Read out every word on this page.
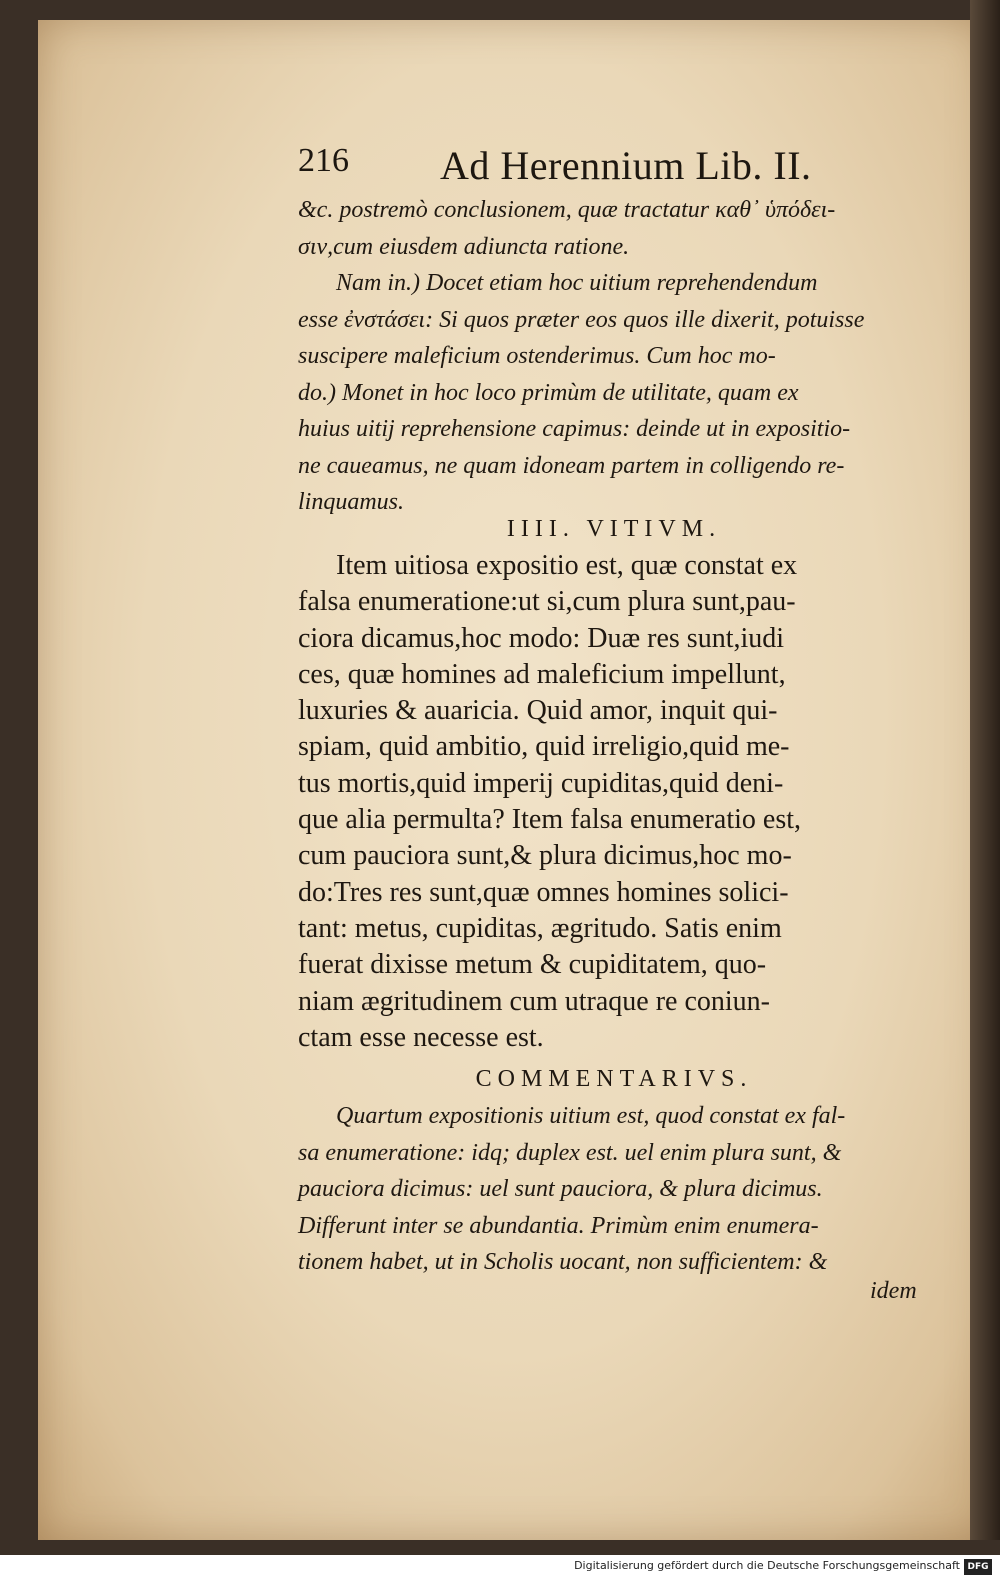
216 Ad Herennium Lib. II.
&c. postremò conclusionem, quæ tractatur καθ᾽ ὑπόδει-
σιν,cum eiusdem adiuncta ratione.
Nam in.) Docet etiam hoc uitium reprehendendum
esse ἐνστάσει: Si quos præter eos quos ille dixerit, potuisse
suscipere maleficium ostenderimus. Cum hoc mo-
do.) Monet in hoc loco primùm de utilitate, quam ex
huius uitij reprehensione capimus: deinde ut in expositio-
ne caueamus, ne quam idoneam partem in colligendo re-
linquamus.
IIII. VITIVM.
Item uitiosa expositio est, quæ constat ex
falsa enumeratione:ut si,cum plura sunt,pau-
ciora dicamus,hoc modo: Duæ res sunt,iudi
ces, quæ homines ad maleficium impellunt,
luxuries & auaricia. Quid amor, inquit qui-
spiam, quid ambitio, quid irreligio,quid me-
tus mortis,quid imperij cupiditas,quid deni-
que alia permulta? Item falsa enumeratio est,
cum pauciora sunt,& plura dicimus,hoc mo-
do:Tres res sunt,quæ omnes homines solici-
tant: metus, cupiditas, ægritudo. Satis enim
fuerat dixisse metum & cupiditatem, quo-
niam ægritudinem cum utraque re coniun-
ctam esse necesse est.
COMMENTARIVS.
Quartum expositionis uitium est, quod constat ex fal-
sa enumeratione: idq; duplex est. uel enim plura sunt, &
pauciora dicimus: uel sunt pauciora, & plura dicimus.
Differunt inter se abundantia. Primùm enim enumera-
tionem habet, ut in Scholis uocant, non sufficientem: &
idem
Digitalisierung gefördert durch die Deutsche Forschungsgemeinschaft DFG
